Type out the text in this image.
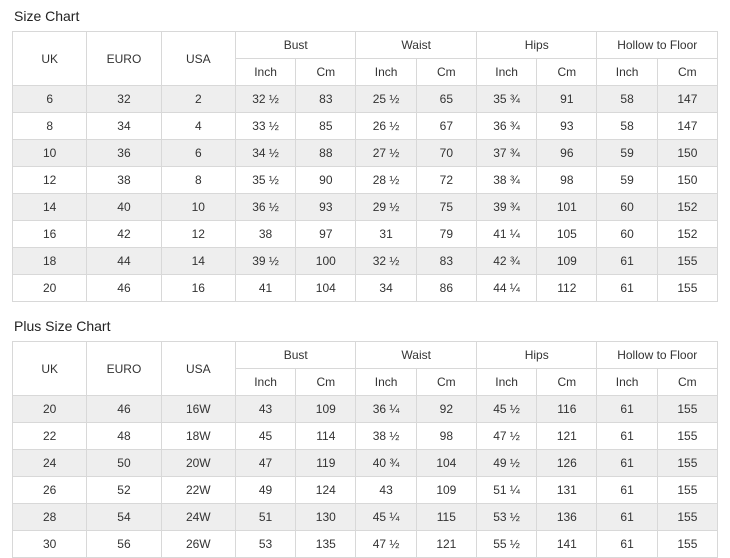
Size Chart
UK	EURO	USA	Bust		Waist		Hips		Hollow to Floor	
			Inch	Cm	Inch	Cm	Inch	Cm	Inch	Cm
6	32	2	32 ½	83	25 ½	65	35 ¾	91	58	147
8	34	4	33 ½	85	26 ½	67	36 ¾	93	58	147
10	36	6	34 ½	88	27 ½	70	37 ¾	96	59	150
12	38	8	35 ½	90	28 ½	72	38 ¾	98	59	150
14	40	10	36 ½	93	29 ½	75	39 ¾	101	60	152
16	42	12	38	97	31	79	41 ¼	105	60	152
18	44	14	39 ½	100	32 ½	83	42 ¾	109	61	155
20	46	16	41	104	34	86	44 ¼	112	61	155
Plus Size Chart
UK	EURO	USA	Bust		Waist		Hips		Hollow to Floor	
			Inch	Cm	Inch	Cm	Inch	Cm	Inch	Cm
20	46	16W	43	109	36 ¼	92	45 ½	116	61	155
22	48	18W	45	114	38 ½	98	47 ½	121	61	155
24	50	20W	47	119	40 ¾	104	49 ½	126	61	155
26	52	22W	49	124	43	109	51 ¼	131	61	155
28	54	24W	51	130	45 ¼	115	53 ½	136	61	155
30	56	26W	53	135	47 ½	121	55 ½	141	61	155
